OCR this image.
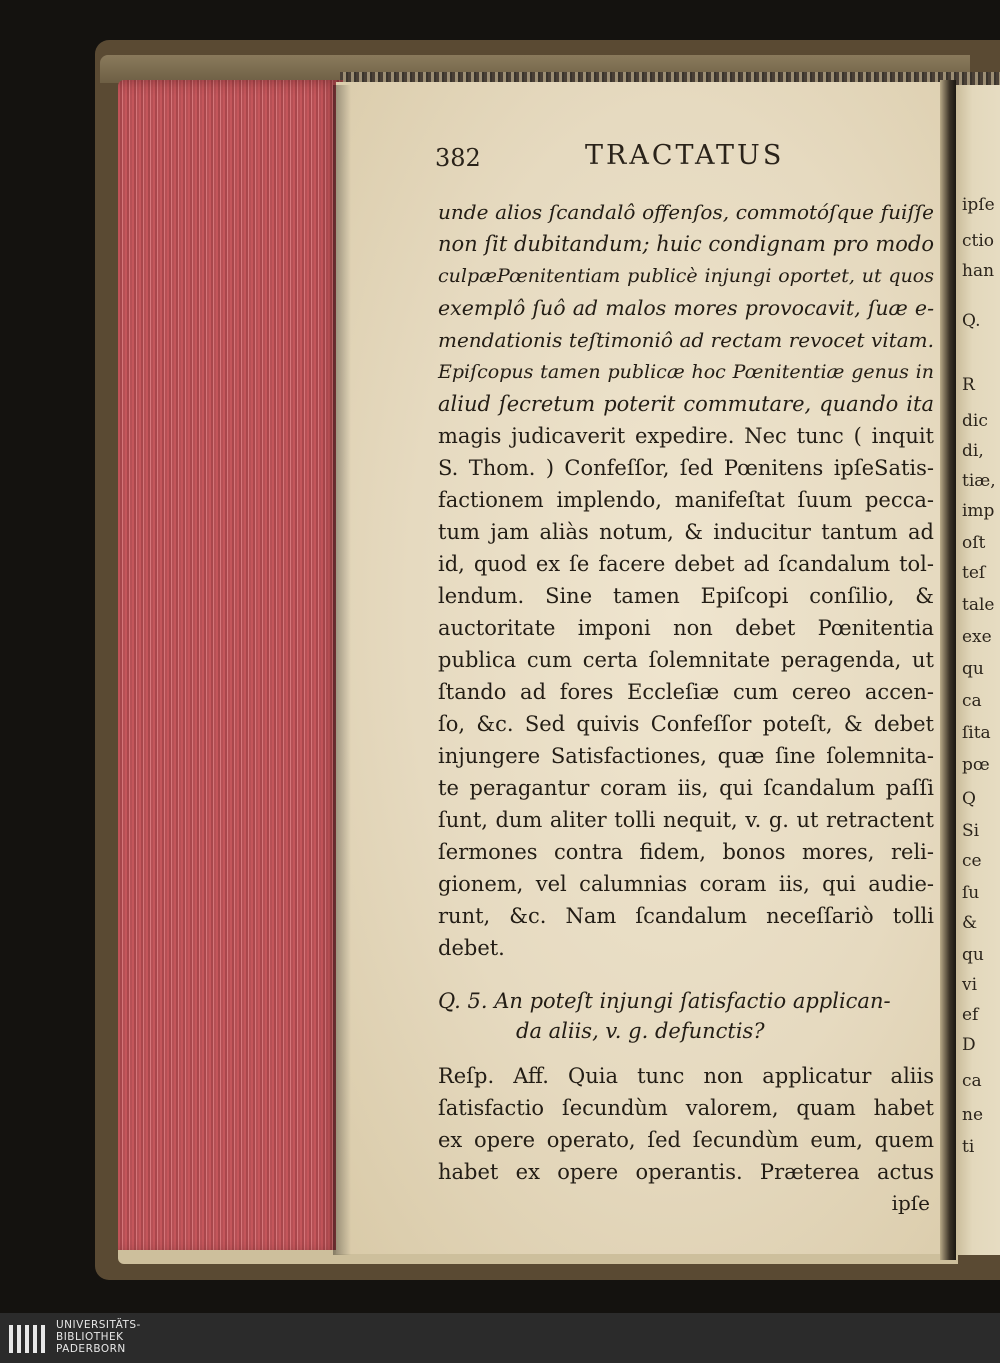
ipſe
ctio
han
Q.
R
dic
di,
tiæ,
imp
oſt
teſ
tale
exe
qu
ca
ſita
pœ
Q
Si
ce
ſu
&
qu
vi
ef
D
ca
ne
ti
382	TRACTATUS
unde alios ſcandalô offenſos, commotóſque fuiſſe
non ſit dubitandum; huic condignam pro modo
culpæPœnitentiam publicè injungi oportet, ut quos
exemplô ſuô ad malos mores provocavit, ſuæ e-
mendationis teſtimoniô ad rectam revocet vitam.
Epiſcopus tamen publicæ hoc Pœnitentiæ genus in
aliud ſecretum poterit commutare, quando ita
magis judicaverit expedire. Nec tunc ( inquit
S. Thom. ) Confeſſor, ſed Pœnitens ipſeSatis-
factionem implendo, manifeſtat ſuum pecca-
tum jam aliàs notum, & inducitur tantum ad
id, quod ex ſe facere debet ad ſcandalum tol-
lendum. Sine tamen Epiſcopi conſilio, &
auctoritate imponi non debet Pœnitentia
publica cum certa ſolemnitate peragenda, ut
ſtando ad fores Eccleſiæ cum cereo accen-
ſo, &c. Sed quivis Confeſſor poteſt, & debet
injungere Satisfactiones, quæ ſine ſolemnita-
te peragantur coram iis, qui ſcandalum paſſi
ſunt, dum aliter tolli nequit, v. g. ut retractent
ſermones contra fidem, bonos mores, reli-
gionem, vel calumnias coram iis, qui audie-
runt, &c. Nam ſcandalum neceſſariò tolli
debet.
Q. 5. An poteſt injungi ſatisfactio applican-
da aliis, v. g. defunctis?
Reſp. Aff. Quia tunc non applicatur aliis
ſatisfactio ſecundùm valorem, quam habet
ex opere operato, ſed ſecundùm eum, quem
habet ex opere operantis. Præterea actus
ipſe
UNIVERSITÄTS-
BIBLIOTHEK
PADERBORN
